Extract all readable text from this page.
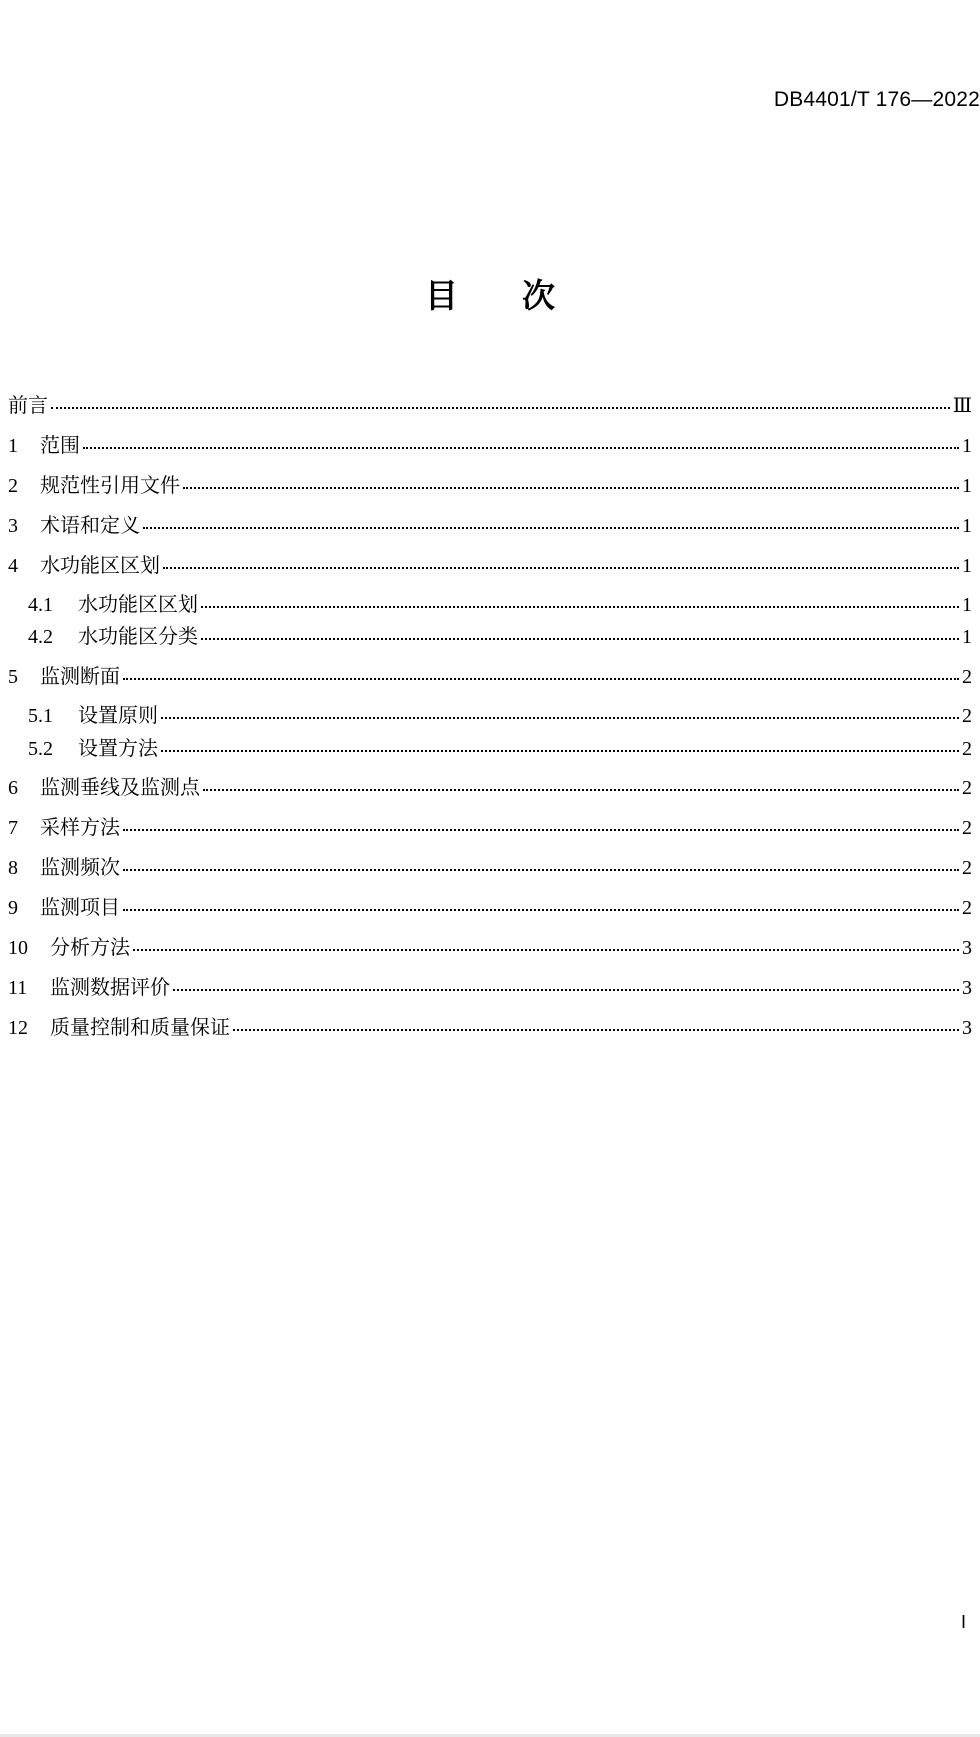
DB4401/T 176—2022
目 次
前言	Ⅲ
1	范围	1
2	规范性引用文件	1
3	术语和定义	1
4	水功能区区划	1
4.1	水功能区区划	1
4.2	水功能区分类	1
5	监测断面	2
5.1	设置原则	2
5.2	设置方法	2
6	监测垂线及监测点	2
7	采样方法	2
8	监测频次	2
9	监测项目	2
10	分析方法	3
11	监测数据评价	3
12	质量控制和质量保证	3
I
